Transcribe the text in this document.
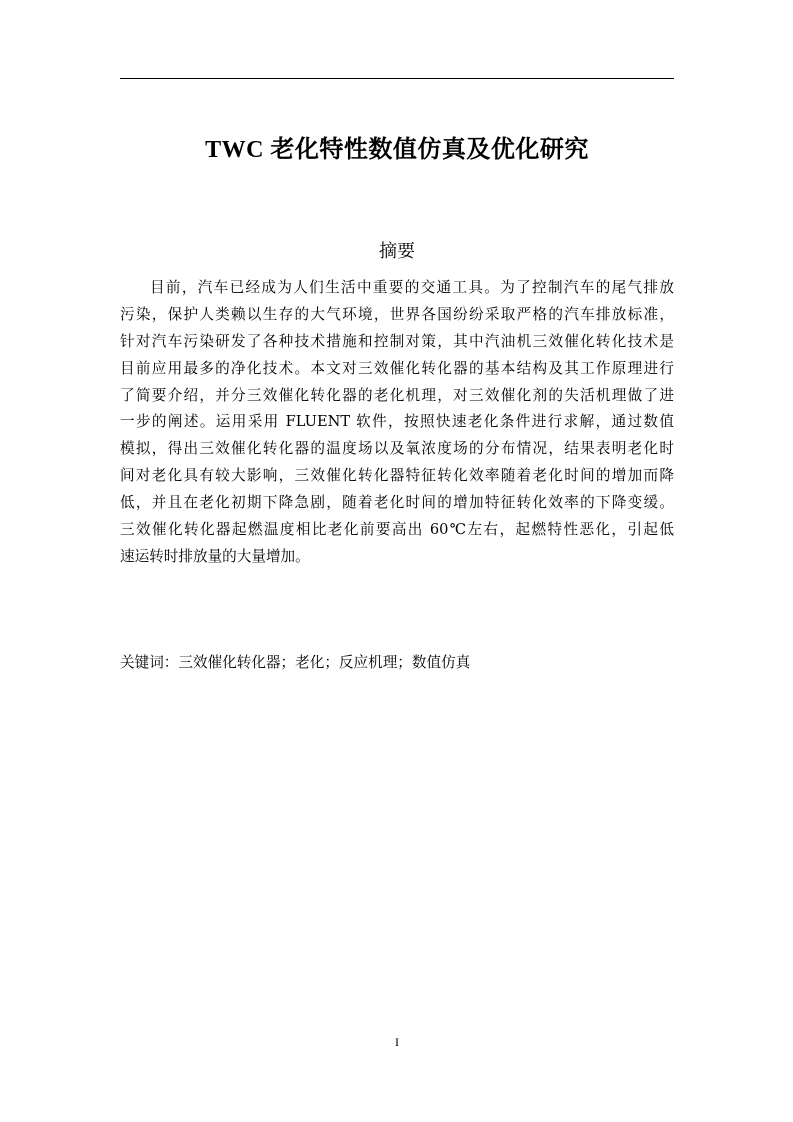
TWC 老化特性数值仿真及优化研究
摘要
目前，汽车已经成为人们生活中重要的交通工具。为了控制汽车的尾气排放
污染，保护人类赖以生存的大气环境，世界各国纷纷采取严格的汽车排放标准，
针对汽车污染研发了各种技术措施和控制对策，其中汽油机三效催化转化技术是
目前应用最多的净化技术。本文对三效催化转化器的基本结构及其工作原理进行
了简要介绍，并分三效催化转化器的老化机理，对三效催化剂的失活机理做了进
一步的阐述。运用采用 FLUENT 软件，按照快速老化条件进行求解，通过数值
模拟，得出三效催化转化器的温度场以及氧浓度场的分布情况，结果表明老化时
间对老化具有较大影响，三效催化转化器特征转化效率随着老化时间的增加而降
低，并且在老化初期下降急剧，随着老化时间的增加特征转化效率的下降变缓。
三效催化转化器起燃温度相比老化前要高出 60℃左右，起燃特性恶化，引起低
速运转时排放量的大量增加。
关键词：三效催化转化器；老化；反应机理；数值仿真
I
